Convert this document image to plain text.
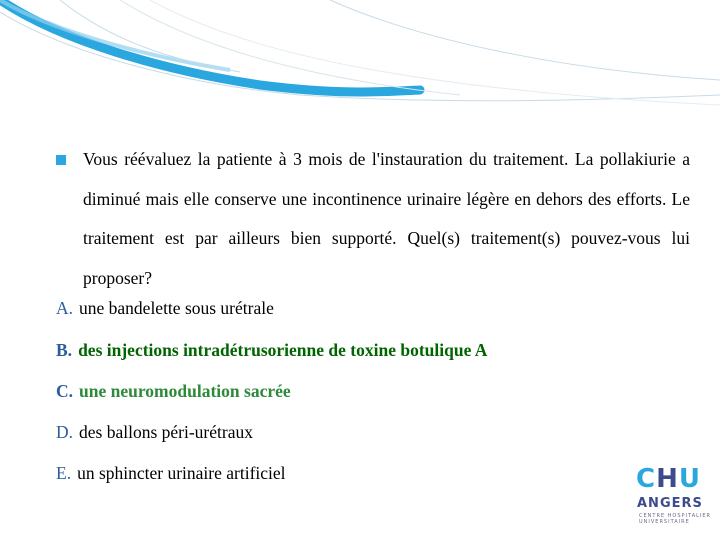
Vous réévaluez la patiente à 3 mois de l'instauration du traitement. La pollakiurie a diminué mais elle conserve une incontinence urinaire légère en dehors des efforts. Le traitement est par ailleurs bien supporté. Quel(s) traitement(s) pouvez-vous lui proposer?
A. une bandelette sous urétrale
B. des injections intradétrusorienne de toxine botulique A
C. une neuromodulation sacrée
D. des ballons péri-urétraux
E. un sphincter urinaire artificiel	CHU
ANGERS
CENTRE HOSPITALIER
UNIVERSITAIRE
